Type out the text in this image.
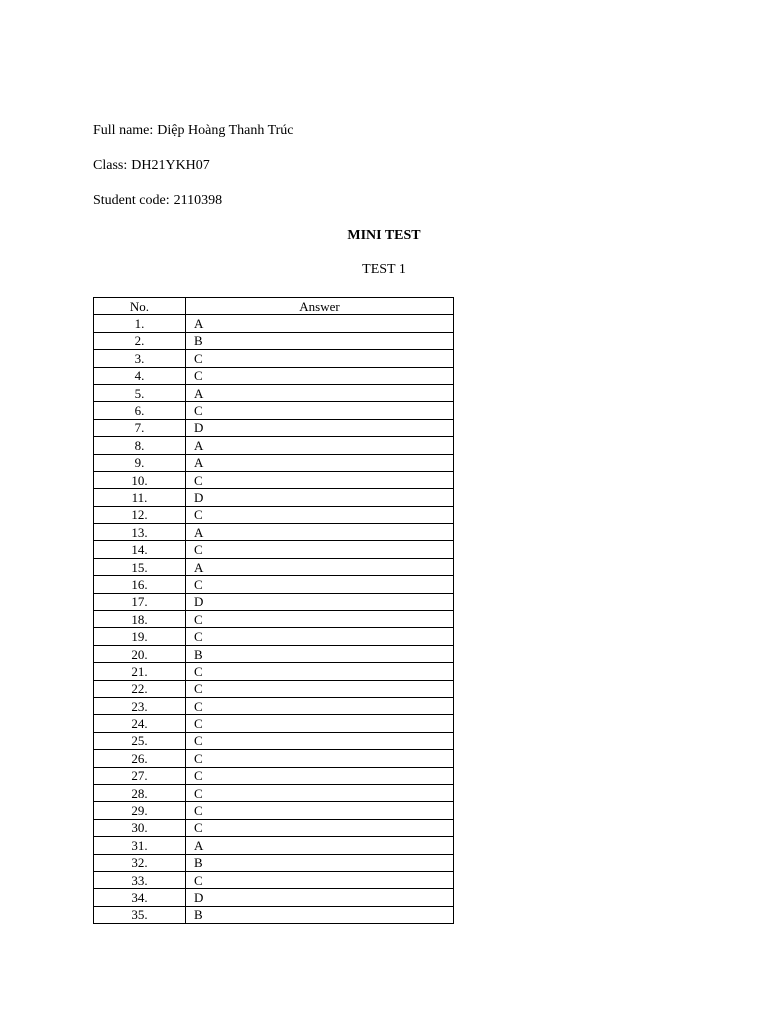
Full name: Diệp Hoàng Thanh Trúc
Class: DH21YKH07
Student code: 2110398
MINI TEST
TEST 1
No.	Answer
1.	A
2.	B
3.	C
4.	C
5.	A
6.	C
7.	D
8.	A
9.	A
10.	C
11.	D
12.	C
13.	A
14.	C
15.	A
16.	C
17.	D
18.	C
19.	C
20.	B
21.	C
22.	C
23.	C
24.	C
25.	C
26.	C
27.	C
28.	C
29.	C
30.	C
31.	A
32.	B
33.	C
34.	D
35.	B
